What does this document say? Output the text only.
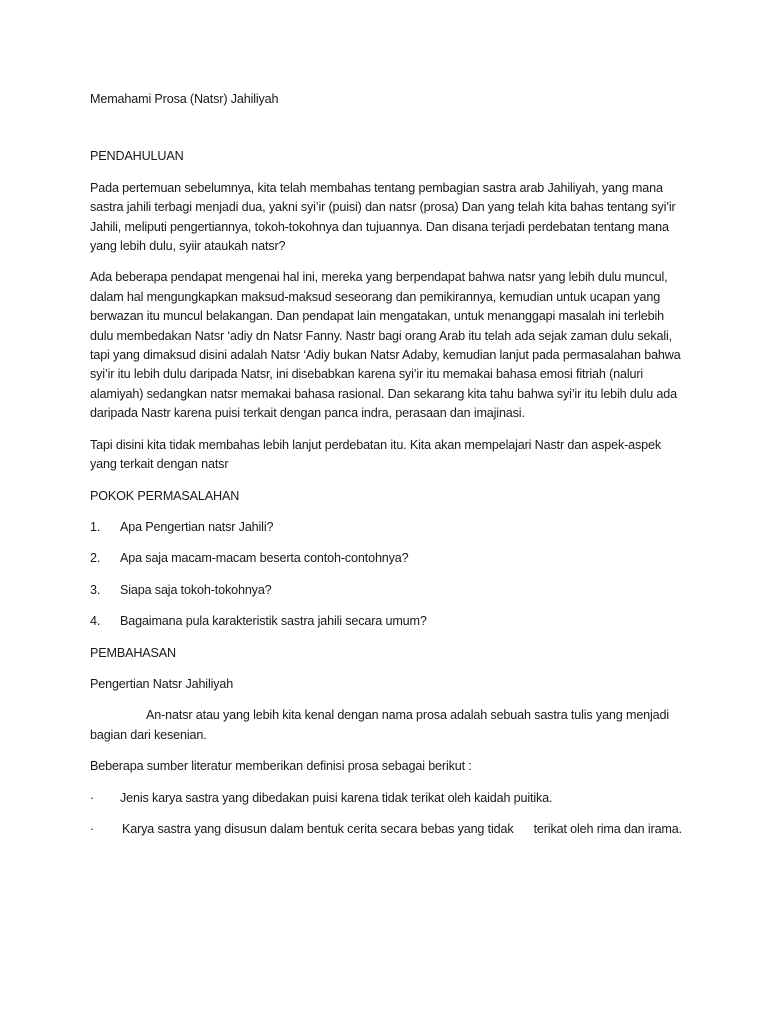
Memahami Prosa (Natsr) Jahiliyah

PENDAHULUAN

Pada pertemuan sebelumnya, kita telah membahas tentang pembagian sastra arab Jahiliyah, yang mana sastra jahili terbagi menjadi dua, yakni syi’ir (puisi) dan natsr (prosa) Dan yang telah kita bahas tentang syi’ir Jahili, meliputi pengertiannya, tokoh-tokohnya dan tujuannya. Dan disana terjadi perdebatan tentang mana yang lebih dulu, syiir ataukah natsr?

Ada beberapa pendapat mengenai hal ini, mereka yang berpendapat bahwa natsr yang lebih dulu muncul, dalam hal mengungkapkan maksud-maksud seseorang dan pemikirannya, kemudian untuk ucapan yang berwazan itu muncul belakangan. Dan pendapat lain mengatakan, untuk menanggapi masalah ini terlebih dulu membedakan Natsr ‘adiy dn Natsr Fanny. Nastr bagi orang Arab itu telah ada sejak zaman dulu sekali, tapi yang dimaksud disini adalah Natsr ‘Adiy bukan Natsr Adaby, kemudian lanjut pada permasalahan bahwa syi’ir itu lebih dulu daripada Natsr, ini disebabkan karena syi’ir itu memakai bahasa emosi fitriah (naluri alamiyah) sedangkan natsr memakai bahasa rasional. Dan sekarang kita tahu bahwa syi’ir itu lebih dulu ada daripada Nastr karena puisi terkait dengan panca indra, perasaan dan imajinasi.

Tapi disini kita tidak membahas lebih lanjut perdebatan itu. Kita akan mempelajari Nastr dan aspek-aspek yang terkait dengan natsr

POKOK PERMASALAHAN

1.	Apa Pengertian natsr Jahili?

2.	Apa saja macam-macam beserta contoh-contohnya?

3.	Siapa saja tokoh-tokohnya?

4.	Bagaimana pula karakteristik sastra jahili secara umum?

PEMBAHASAN

Pengertian Natsr Jahiliyah

An-natsr atau yang lebih kita kenal dengan nama prosa adalah sebuah sastra tulis yang menjadi bagian dari kesenian.

Beberapa sumber literatur memberikan definisi prosa sebagai berikut :

·	Jenis karya sastra yang dibedakan puisi karena tidak terikat oleh kaidah puitika.

· Karya sastra yang disusun dalam bentuk cerita secara bebas yang tidak      terikat oleh rima dan irama.
